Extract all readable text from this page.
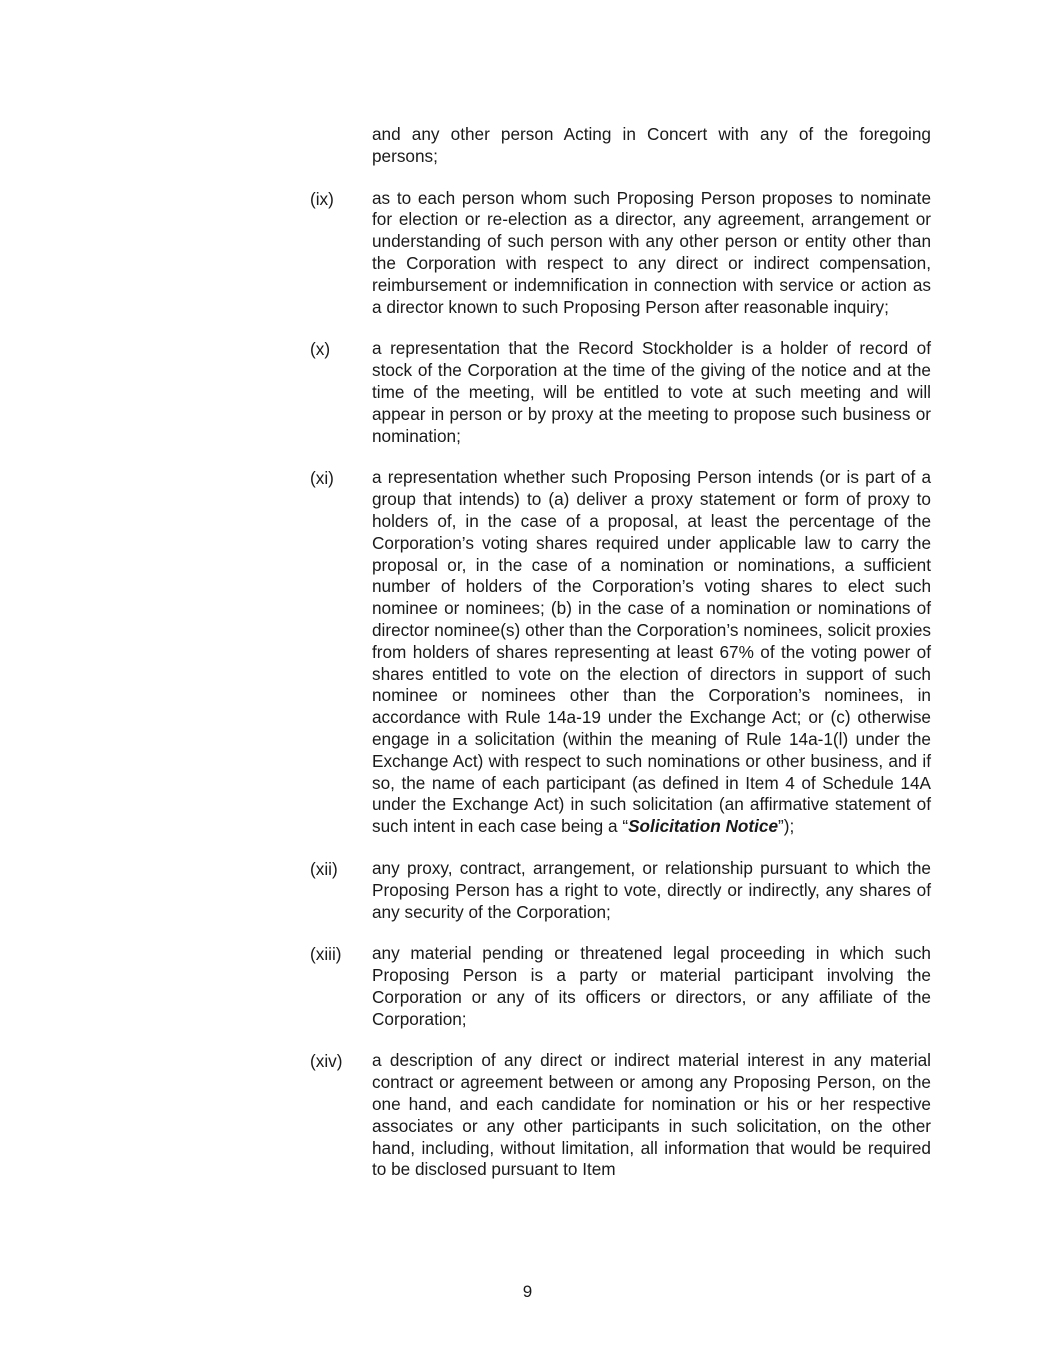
and any other person Acting in Concert with any of the foregoing persons;
(ix)	as to each person whom such Proposing Person proposes to nominate for election or re-election as a director, any agreement, arrangement or understanding of such person with any other person or entity other than the Corporation with respect to any direct or indirect compensation, reimbursement or indemnification in connection with service or action as a director known to such Proposing Person after reasonable inquiry;
(x)	a representation that the Record Stockholder is a holder of record of stock of the Corporation at the time of the giving of the notice and at the time of the meeting, will be entitled to vote at such meeting and will appear in person or by proxy at the meeting to propose such business or nomination;
(xi)	a representation whether such Proposing Person intends (or is part of a group that intends) to (a) deliver a proxy statement or form of proxy to holders of, in the case of a proposal, at least the percentage of the Corporation’s voting shares required under applicable law to carry the proposal or, in the case of a nomination or nominations, a sufficient number of holders of the Corporation’s voting shares to elect such nominee or nominees; (b) in the case of a nomination or nominations of director nominee(s) other than the Corporation’s nominees, solicit proxies from holders of shares representing at least 67% of the voting power of shares entitled to vote on the election of directors in support of such nominee or nominees other than the Corporation’s nominees, in accordance with Rule 14a-19 under the Exchange Act; or (c) otherwise engage in a solicitation (within the meaning of Rule 14a-1(l) under the Exchange Act) with respect to such nominations or other business, and if so, the name of each participant (as defined in Item 4 of Schedule 14A under the Exchange Act) in such solicitation (an affirmative statement of such intent in each case being a “Solicitation Notice”);
(xii)	any proxy, contract, arrangement, or relationship pursuant to which the Proposing Person has a right to vote, directly or indirectly, any shares of any security of the Corporation;
(xiii)	any material pending or threatened legal proceeding in which such Proposing Person is a party or material participant involving the Corporation or any of its officers or directors, or any affiliate of the Corporation;
(xiv)	a description of any direct or indirect material interest in any material contract or agreement between or among any Proposing Person, on the one hand, and each candidate for nomination or his or her respective associates or any other participants in such solicitation, on the other hand, including, without limitation, all information that would be required to be disclosed pursuant to Item
9
